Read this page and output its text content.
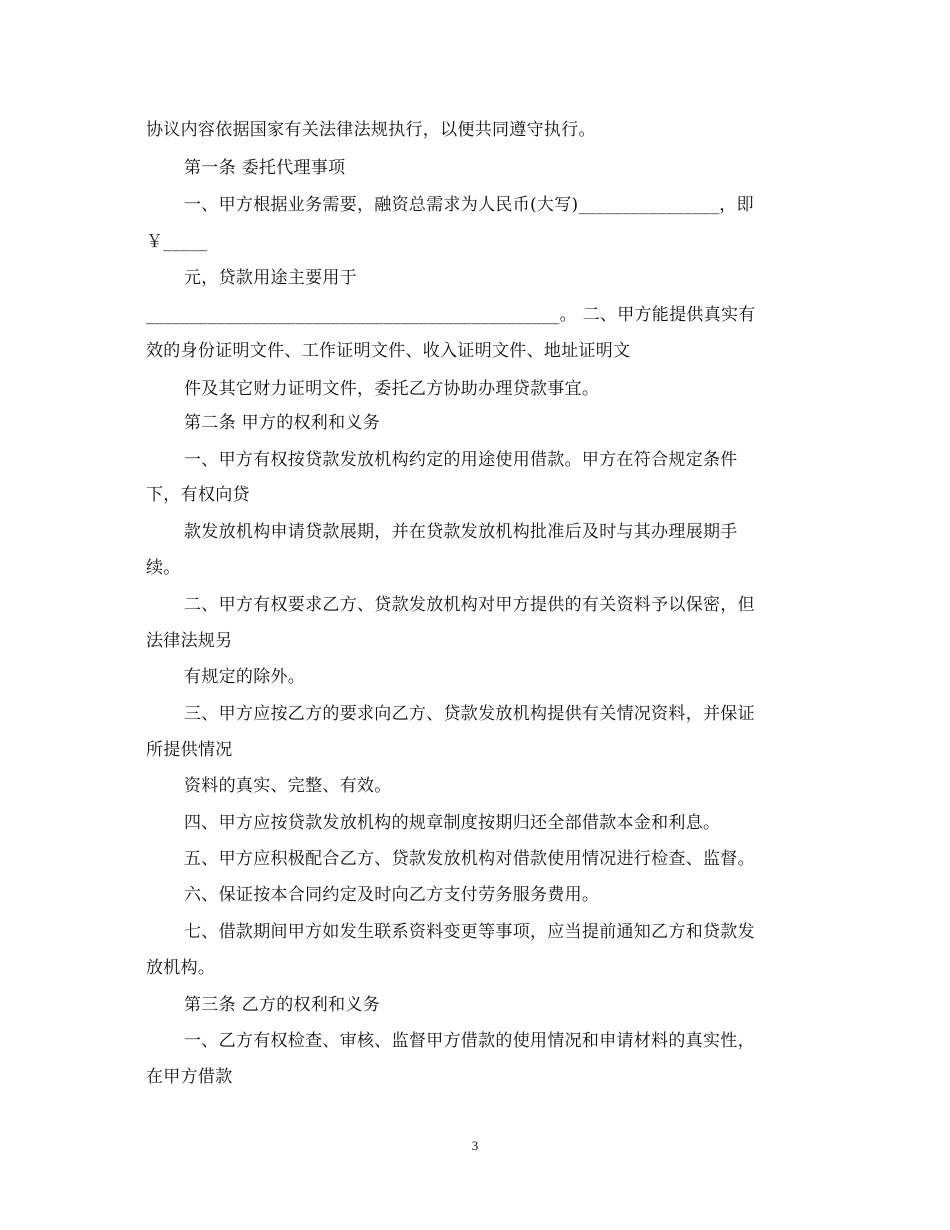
协议内容依据国家有关法律法规执行，以便共同遵守执行。
第一条 委托代理事项
一、甲方根据业务需要，融资总需求为人民币(大写)________________，即
￥_____
元，贷款用途主要用于
_______________________________________________。 二、甲方能提供真实有
效的身份证明文件、工作证明文件、收入证明文件、地址证明文
件及其它财力证明文件，委托乙方协助办理贷款事宜。
第二条 甲方的权利和义务
一、甲方有权按贷款发放机构约定的用途使用借款。甲方在符合规定条件
下，有权向贷
款发放机构申请贷款展期，并在贷款发放机构批准后及时与其办理展期手
续。
二、甲方有权要求乙方、贷款发放机构对甲方提供的有关资料予以保密，但
法律法规另
有规定的除外。
三、甲方应按乙方的要求向乙方、贷款发放机构提供有关情况资料，并保证
所提供情况
资料的真实、完整、有效。
四、甲方应按贷款发放机构的规章制度按期归还全部借款本金和利息。
五、甲方应积极配合乙方、贷款发放机构对借款使用情况进行检查、监督。
六、保证按本合同约定及时向乙方支付劳务服务费用。
七、借款期间甲方如发生联系资料变更等事项，应当提前通知乙方和贷款发
放机构。
第三条 乙方的权利和义务
一、乙方有权检查、审核、监督甲方借款的使用情况和申请材料的真实性，
在甲方借款
3
